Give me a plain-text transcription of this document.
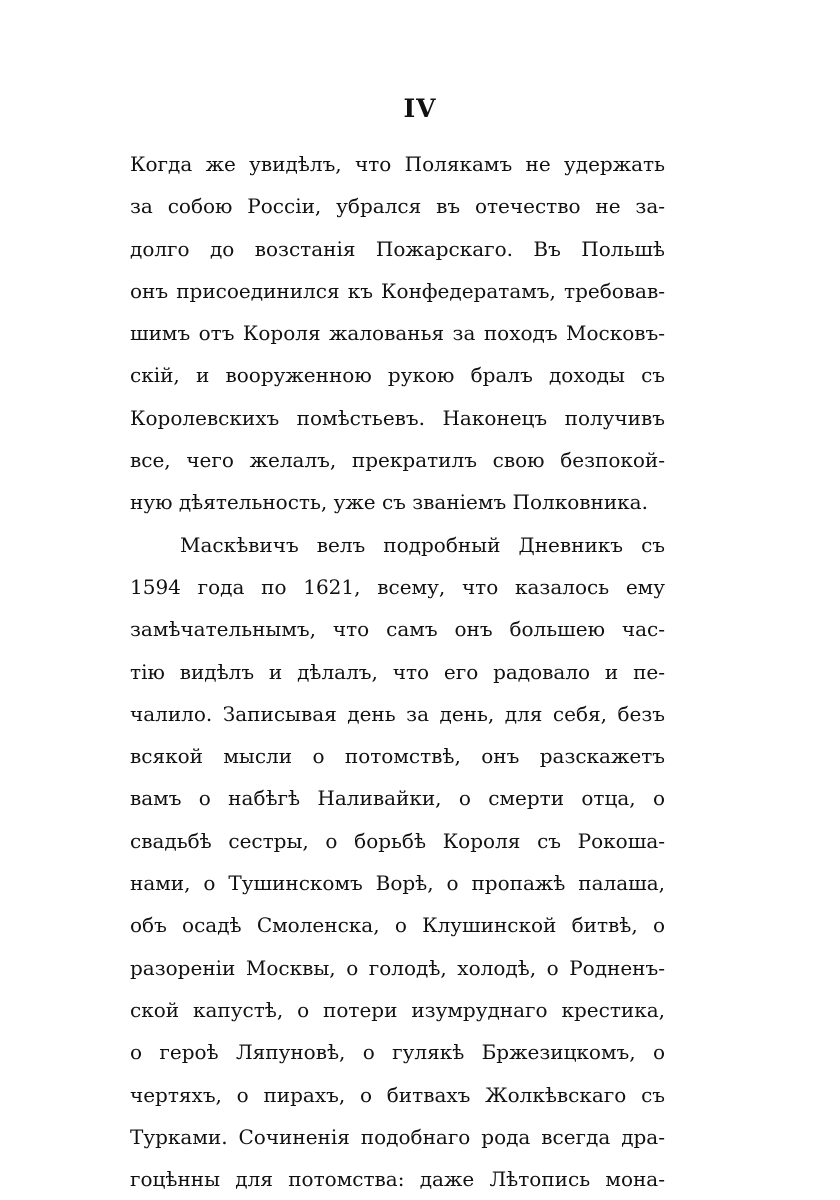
IV
Когда же увидѣлъ, что Полякамъ не удержать
за собою Россіи, убрался въ отечество не за-
долго до возстанія Пожарскаго. Въ Польшѣ
онъ присоединился къ Конфедератамъ, требовав-
шимъ отъ Короля жалованья за походъ Московъ-
скій, и вооруженною рукою бралъ доходы съ
Королевскихъ помѣстьевъ. Наконецъ получивъ
все, чего желалъ, прекратилъ свою безпокой-
ную дѣятельность, уже съ званіемъ Полковника.
Маскѣвичъ велъ подробный Дневникъ съ
1594 года по 1621, всему, что казалось ему
замѣчательнымъ, что самъ онъ большею час-
тію видѣлъ и дѣлалъ, что его радовало и пе-
чалило. Записывая день за день, для себя, безъ
всякой мысли о потомствѣ, онъ разскажетъ
вамъ о набѣгѣ Наливайки, о смерти отца, о
свадьбѣ сестры, о борьбѣ Короля съ Рокоша-
нами, о Тушинскомъ Ворѣ, о пропажѣ палаша,
объ осадѣ Смоленска, о Клушинской битвѣ, о
разореніи Москвы, о голодѣ, холодѣ, о Родненъ-
ской капустѣ, о потери изумруднаго крестика,
о героѣ Ляпуновѣ, о гулякѣ Бржезицкомъ, о
чертяхъ, о пирахъ, о битвахъ Жолкѣвскаго съ
Турками. Сочиненія подобнаго рода всегда дра-
гоцѣнны для потомства: даже Лѣтопись мона-
